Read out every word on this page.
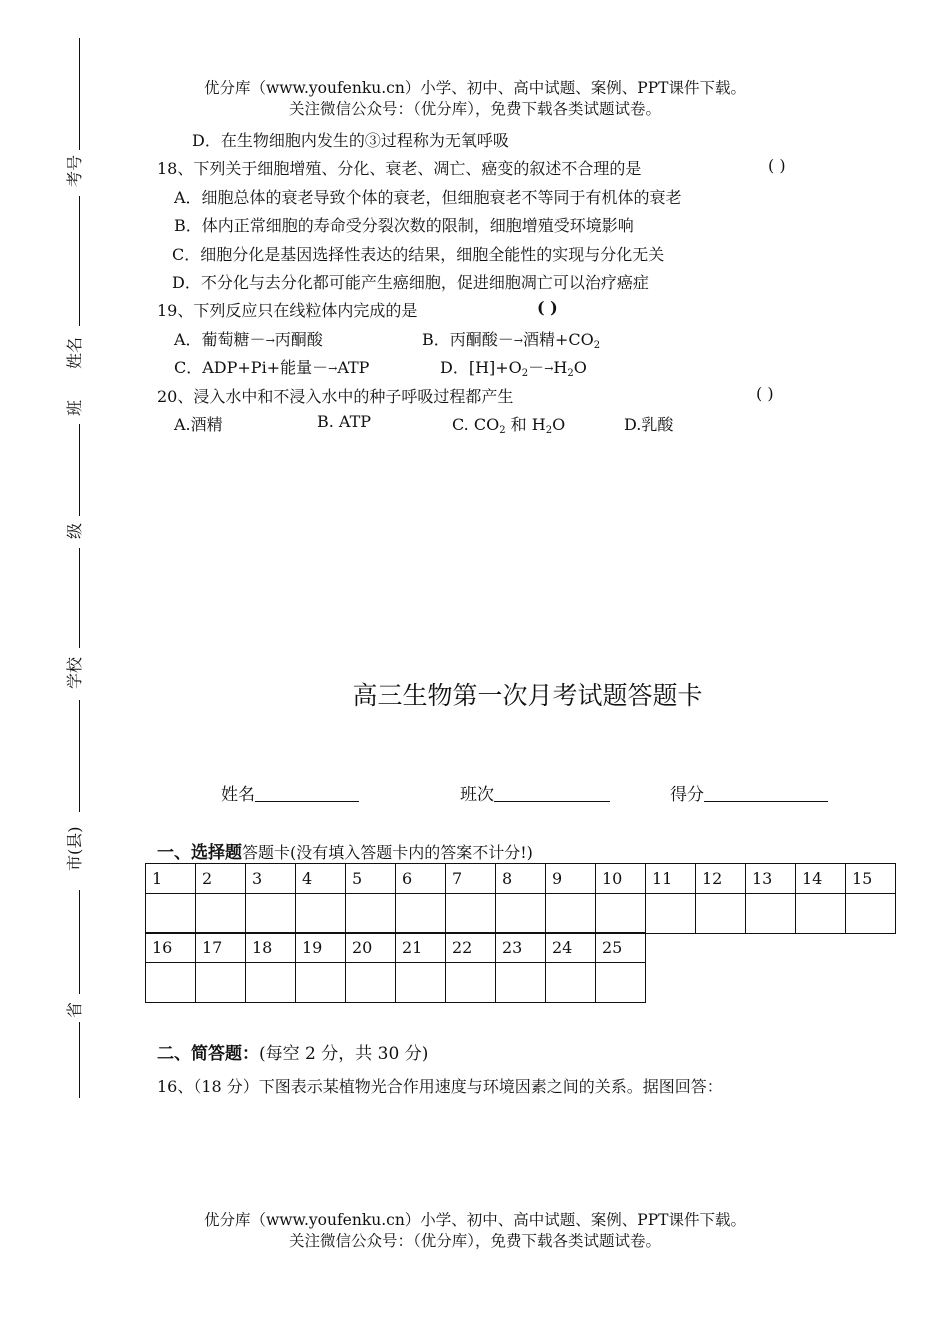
考号
姓名
班
级
学校
市(县)
省
优分库（www.youfenku.cn）小学、初中、高中试题、案例、PPT课件下载。
关注微信公众号：（优分库），免费下载各类试题试卷。
D．在生物细胞内发生的③过程称为无氧呼吸
18、下列关于细胞增殖、分化、衰老、凋亡、癌变的叙述不合理的是	( )
A．细胞总体的衰老导致个体的衰老，但细胞衰老不等同于有机体的衰老
B．体内正常细胞的寿命受分裂次数的限制，细胞增殖受环境影响
C．细胞分化是基因选择性表达的结果，细胞全能性的实现与分化无关
D．不分化与去分化都可能产生癌细胞，促进细胞凋亡可以治疗癌症
19、下列反应只在线粒体内完成的是	( )
A．葡萄糖－→丙酮酸	B．丙酮酸－→酒精$+CO_2$
C．ADP+Pi+能量－→ATP	D．$[H]+O_2-\to H_2O$
20、浸入水中和不浸入水中的种子呼吸过程都产生	( )
A.酒精	B. ATP	C. $CO_2$ 和 $H_2O$	D.乳酸
高三生物第一次月考试题答题卡
姓名	班次	得分
一、选择题答题卡(没有填入答题卡内的答案不计分!)
1	2	3	4	5	6	7	8	9	10	11	12	13	14	15

16	17	18	19	20	21	22	23	24	25

二、简答题：(每空 2 分，共 30 分)
16、（18 分）下图表示某植物光合作用速度与环境因素之间的关系。据图回答：
优分库（www.youfenku.cn）小学、初中、高中试题、案例、PPT课件下载。
关注微信公众号：（优分库），免费下载各类试题试卷。
